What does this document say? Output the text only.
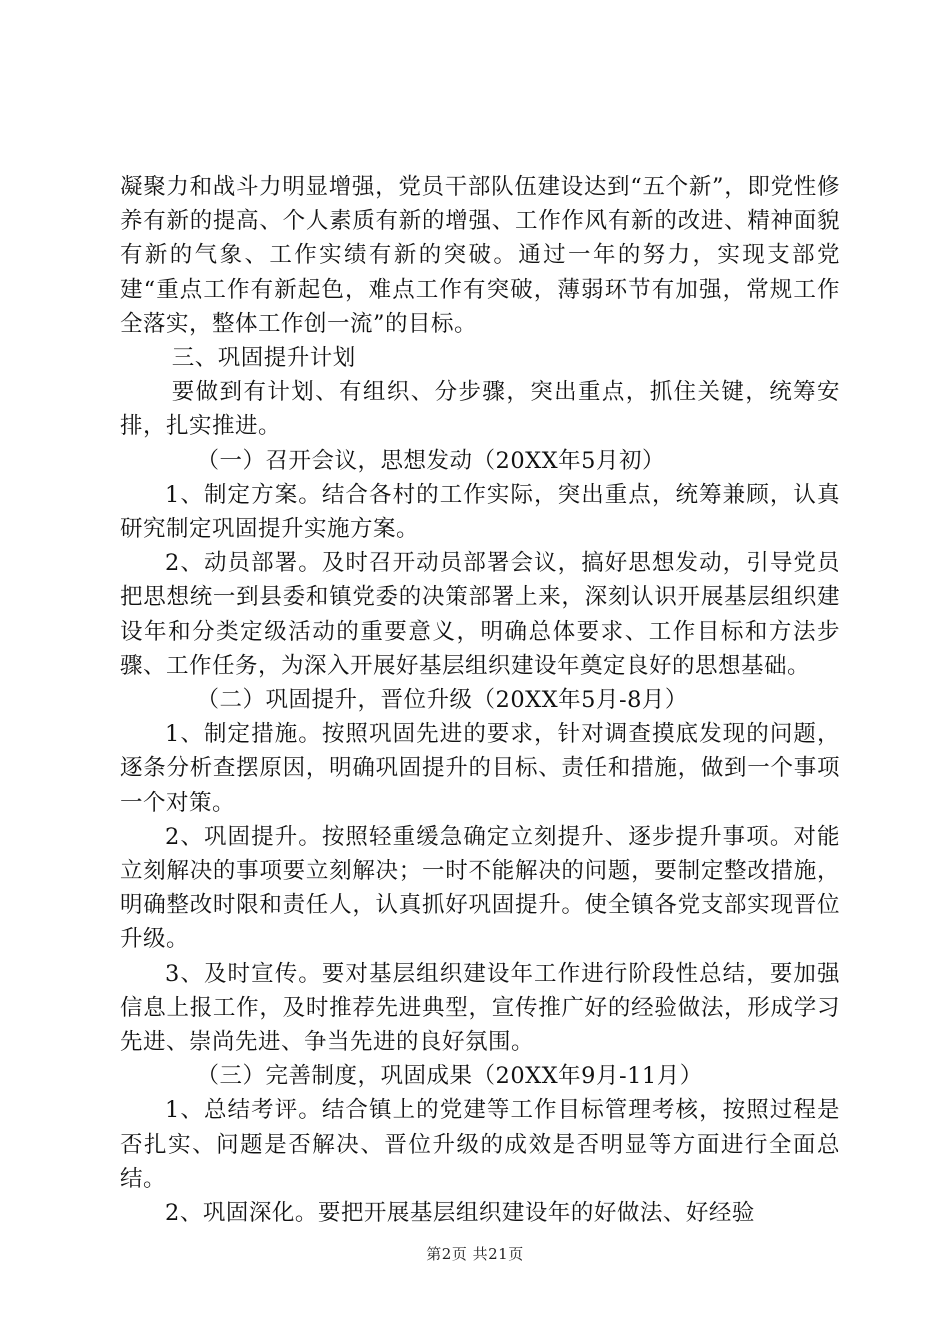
凝聚力和战斗力明显增强，党员干部队伍建设达到“五个新”，即党性修养有新的提高、个人素质有新的增强、工作作风有新的改进、精神面貌有新的气象、工作实绩有新的突破。通过一年的努力，实现支部党建“重点工作有新起色，难点工作有突破，薄弱环节有加强，常规工作全落实，整体工作创一流”的目标。

三、巩固提升计划

要做到有计划、有组织、分步骤，突出重点，抓住关键，统筹安排，扎实推进。

（一）召开会议，思想发动（20XX年5月初）

1、制定方案。结合各村的工作实际，突出重点，统筹兼顾，认真研究制定巩固提升实施方案。

2、动员部署。及时召开动员部署会议，搞好思想发动，引导党员把思想统一到县委和镇党委的决策部署上来，深刻认识开展基层组织建设年和分类定级活动的重要意义，明确总体要求、工作目标和方法步骤、工作任务，为深入开展好基层组织建设年奠定良好的思想基础。

（二）巩固提升，晋位升级（20XX年5月-8月）

1、制定措施。按照巩固先进的要求，针对调查摸底发现的问题，逐条分析查摆原因，明确巩固提升的目标、责任和措施，做到一个事项一个对策。

2、巩固提升。按照轻重缓急确定立刻提升、逐步提升事项。对能立刻解决的事项要立刻解决；一时不能解决的问题，要制定整改措施，明确整改时限和责任人，认真抓好巩固提升。使全镇各党支部实现晋位升级。

3、及时宣传。要对基层组织建设年工作进行阶段性总结，要加强信息上报工作，及时推荐先进典型，宣传推广好的经验做法，形成学习先进、崇尚先进、争当先进的良好氛围。

（三）完善制度，巩固成果（20XX年9月-11月）

1、总结考评。结合镇上的党建等工作目标管理考核，按照过程是否扎实、问题是否解决、晋位升级的成效是否明显等方面进行全面总结。

2、巩固深化。要把开展基层组织建设年的好做法、好经验

第2页 共21页
